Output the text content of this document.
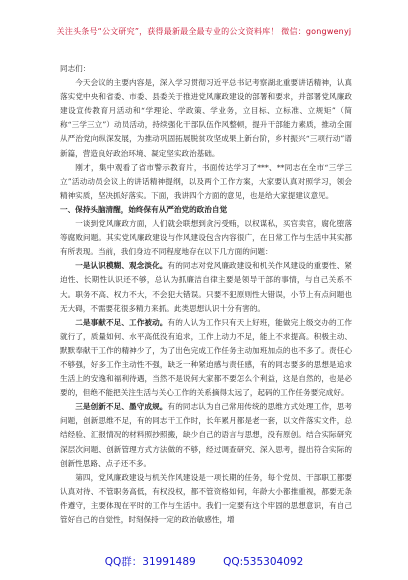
关注头条号“公文研究”，获得最新最全最专业的公文资料库！ 微信：gongwenyj

同志们：

今天会议的主要内容是，深入学习贯彻习近平总书记考察湖北重要讲话精神，认真落实党中央和省委、市委、县委关于推进党风廉政建设的部署和要求，并部署党风廉政建设宣传教育月活动和“学理论、学政策、学业务，立目标、立标准、立规矩”（简称“三学三立”）动员活动，持续强化干部队伍作风整顿，提升干部能力素质，推动全面从严治党向纵深发展，为推动巩固拓展脱贫攻坚成果上新台阶，乡村振兴“三项行动”谱新篇，营造良好政治环境、凝定坚实政治基础。

刚才，集中观看了省市警示教育片，书面传达学习了***、**同志在全市“三学三立”活动动员会议上的讲话精神提纲，以及两个工作方案，大家要认真对照学习，领会精神实质，坚决抓好落实。下面，我讲四个方面的意见，也是给大家提建议意见。

一、保持头脑清醒，始终保有从严治党的政治自觉

一谈到党风廉政方面，人们就会联想到贪污受贿，以权谋私，买官卖官，腐化堕落等腐败问题。其实党风廉政建设与作风建设包含内容很广，在日常工作与生活中其实都有所表现。当前，我们身边不同程度地存在以下几方面的问题：

一是认识模糊、观念淡化。有的同志对党风廉政建设和机关作风建设的重要性、紧迫性、长期性认识还不够，总认为抓廉洁自律主要是领导干部的事情，与自己关系不大。职务不高、权力不大，不会犯大错误。只要不犯原则性大错误，小节上有点问题也无大碍，不需要花很多精力来抓。此类思想认识十分有害的。

二是事献不足、工作被动。有的人认为工作只有天上好班，能做完上级交办的工作就行了，质量如何、水平高低没有追求，工作上动力不足，能上不求提高。积极主动、默默奉献干工作的精神少了，为了出色完成工作任务主动加班加点的也不多了。责任心不够强，好多工作主动性不强，缺乏一种紧迫感与责任感，有的同志要多的思想是追求生活上的安逸和福利待遇，当然不是说何大家都不要怎么个利益，这是自然的，也是必要的，但绝不能把关注生活与关心工作的关系摘得太远了，起码的工作任务要完成好。

三是创新不足、墨守成规。有的同志认为自己常用传统的思维方式处理工作，思考问题，创新思维不足，有的同志干工作时，长年累月都是老一套，以文件落实文件，总结经验、汇报情况的材料照抄照搬，缺少自己的语言与思想，没有原创。结合实际研究深层次问题、创新管理方式方法做的不够，经过调查研究、深入思考，提出符合实际的创新性思路、点子还不多。

第四，党风廉政建设与机关作风建设是一项长期的任务，每个党员、干部职工都要认真对待、不管职务高低，有权没权，都不管资格如何，年龄大小都推重视，都要无条件遵守，主要体现在平时的工作与生活中。我们一定要有这个牢固的思想意识，有自己管好自己的自觉性，时刻保持一定的政治敏感性，增

QQ群：31991489	QQ:535304092
